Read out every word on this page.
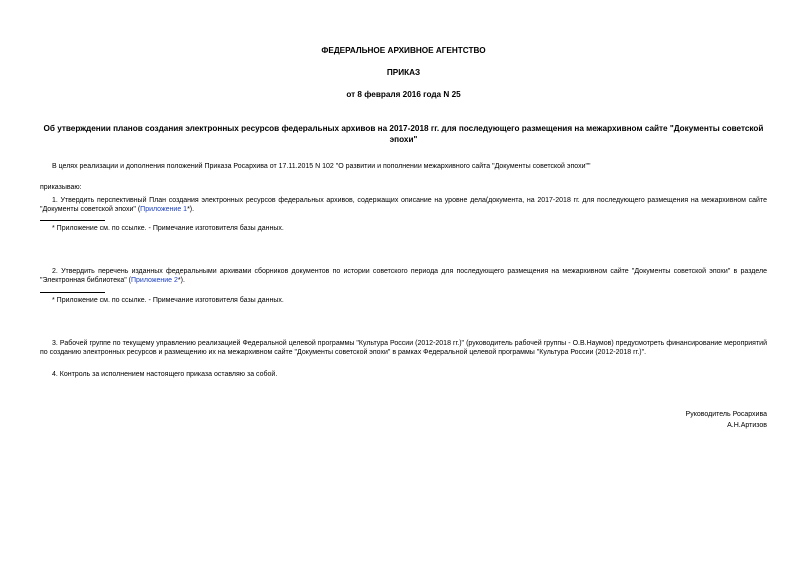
ФЕДЕРАЛЬНОЕ АРХИВНОЕ АГЕНТСТВО
ПРИКАЗ
от 8 февраля 2016 года N 25
Об утверждении планов создания электронных ресурсов федеральных архивов на 2017-2018 гг. для последующего размещения на межархивном сайте "Документы советской эпохи"
В целях реализации и дополнения положений Приказа Росархива от 17.11.2015 N 102 "О развитии и пополнении межархивного сайта "Документы советской эпохи""
приказываю:
1. Утвердить перспективный План создания электронных ресурсов федеральных архивов, содержащих описание на уровне дела(документа, на 2017-2018 гг. для последующего размещения на межархивном сайте "Документы советской эпохи" (Приложение 1*).
* Приложение см. по ссылке. - Примечание изготовителя базы данных.
2. Утвердить перечень изданных федеральными архивами сборников документов по истории советского периода для последующего размещения на межархивном сайте "Документы советской эпохи" в разделе "Электронная библиотека" (Приложение 2*).
* Приложение см. по ссылке. - Примечание изготовителя базы данных.
3. Рабочей группе по текущему управлению реализацией Федеральной целевой программы "Культура России (2012-2018 гг.)" (руководитель рабочей группы - О.В.Наумов) предусмотреть финансирование мероприятий по созданию электронных ресурсов и размещению их на межархивном сайте "Документы советской эпохи" в рамках Федеральной целевой программы "Культура России (2012-2018 гг.)".
4. Контроль за исполнением настоящего приказа оставляю за собой.
Руководитель Росархива
А.Н.Артизов
